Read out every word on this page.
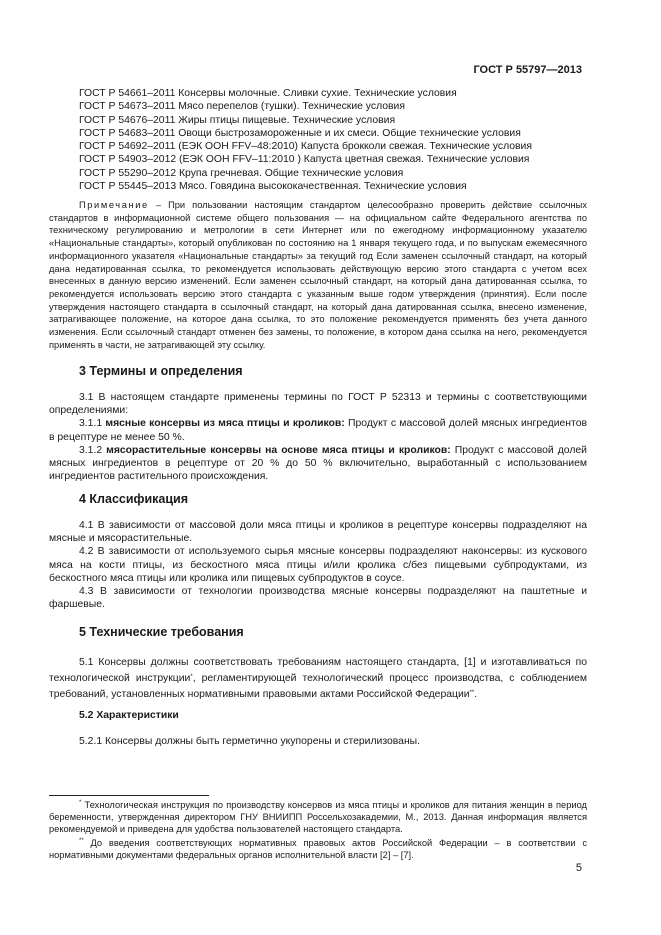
ГОСТ Р 55797—2013
ГОСТ Р 54661–2011 Консервы молочные. Сливки сухие. Технические условия
ГОСТ Р 54673–2011 Мясо перепелов (тушки). Технические условия
ГОСТ Р 54676–2011 Жиры птицы пищевые. Технические условия
ГОСТ Р 54683–2011 Овощи быстрозамороженные и их смеси. Общие технические условия
ГОСТ Р 54692–2011 (ЕЭК ООН FFV–48:2010) Капуста брокколи свежая. Технические условия
ГОСТ Р 54903–2012 (ЕЭК ООН FFV–11:2010 ) Капуста цветная свежая. Технические условия
ГОСТ Р 55290–2012 Крупа гречневая. Общие технические условия
ГОСТ Р 55445–2013 Мясо. Говядина высококачественная. Технические условия
Примечание – При пользовании настоящим стандартом целесообразно проверить действие ссылочных стандартов в информационной системе общего пользования — на официальном сайте Федерального агентства по техническому регулированию и метрологии в сети Интернет или по ежегодному информационному указателю «Национальные стандарты», который опубликован по состоянию на 1 января текущего года, и по выпускам ежемесячного информационного указателя «Национальные стандарты» за текущий год Если заменен ссылочный стандарт, на который дана недатированная ссылка, то рекомендуется использовать действующую версию этого стандарта с учетом всех внесенных в данную версию изменений. Если заменен ссылочный стандарт, на который дана датированная ссылка, то рекомендуется использовать версию этого стандарта с указанным выше годом утверждения (принятия). Если после утверждения настоящего стандарта в ссылочный стандарт, на который дана датированная ссылка, внесено изменение, затрагивающее положение, на которое дана ссылка, то это положение рекомендуется применять без учета данного изменения. Если ссылочный стандарт отменен без замены, то положение, в котором дана ссылка на него, рекомендуется применять в части, не затрагивающей эту ссылку.
3 Термины и определения

3.1 В настоящем стандарте применены термины по ГОСТ Р 52313 и термины с соответствующими определениями:

3.1.1 мясные консервы из мяса птицы и кроликов: Продукт с массовой долей мясных ингредиентов в рецептуре не менее 50 %.

3.1.2 мясорастительные консервы на основе мяса птицы и кроликов: Продукт с массовой долей мясных ингредиентов в рецептуре от 20 % до 50 % включительно, выработанный с использованием ингредиентов растительного происхождения.

4 Классификация

4.1 В зависимости от массовой доли мяса птицы и кроликов в рецептуре консервы подразделяют на мясные и мясорастительные.

4.2 В зависимости от используемого сырья мясные консервы подразделяют наконсервы: из кускового мяса на кости птицы, из бескостного мяса птицы и/или кролика с/без пищевыми субпродуктами, из бескостного мяса птицы или кролика или пищевых субпродуктов в соусе.

4.3 В зависимости от технологии производства мясные консервы подразделяют на паштетные и фаршевые.

5 Технические требования

5.1 Консервы должны соответствовать требованиям настоящего стандарта, [1] и изготавливаться по технологической инструкции*, регламентирующей технологический процесс производства, с соблюдением требований, установленных нормативными правовыми актами Российской Федерации**.

5.2 Характеристики

5.2.1 Консервы должны быть герметично укупорены и стерилизованы.

* Технологическая инструкция по производству консервов из мяса птицы и кроликов для питания женщин в период беременности, утвержденная директором ГНУ ВНИИПП Россельхозакадемии, М., 2013. Данная информация является рекомендуемой и приведена для удобства пользователей настоящего стандарта.

** До введения соответствующих нормативных правовых актов Российской Федерации – в соответствии с нормативными документами федеральных органов исполнительной власти [2] – [7].

5
